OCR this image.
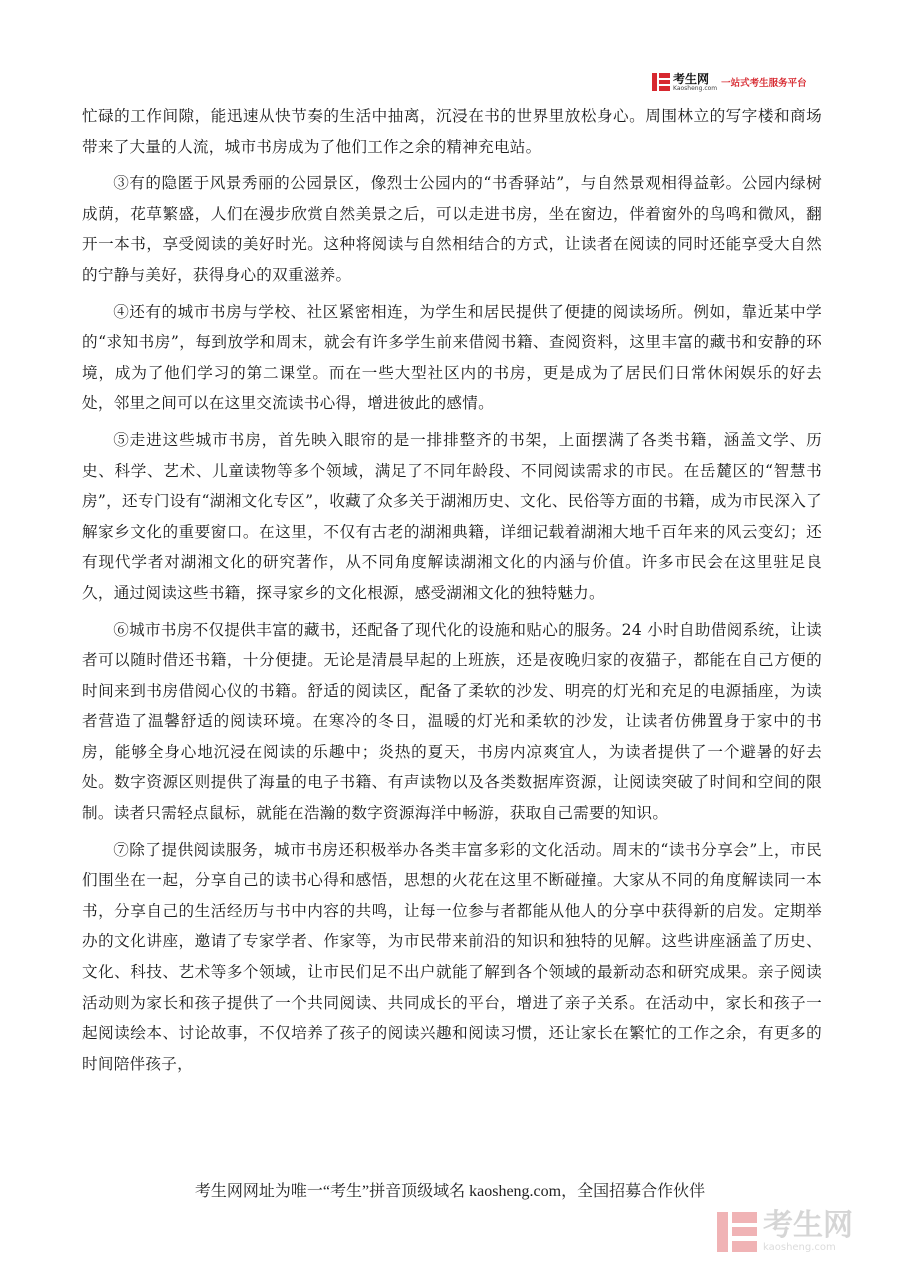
考生网
Kaosheng.com 一站式考生服务平台

忙碌的工作间隙，能迅速从快节奏的生活中抽离，沉浸在书的世界里放松身心。周围林立的写字楼和商场带来了大量的人流，城市书房成为了他们工作之余的精神充电站。

③有的隐匿于风景秀丽的公园景区，像烈士公园内的“书香驿站”，与自然景观相得益彰。公园内绿树成荫，花草繁盛，人们在漫步欣赏自然美景之后，可以走进书房，坐在窗边，伴着窗外的鸟鸣和微风，翻开一本书，享受阅读的美好时光。这种将阅读与自然相结合的方式，让读者在阅读的同时还能享受大自然的宁静与美好，获得身心的双重滋养。

④还有的城市书房与学校、社区紧密相连，为学生和居民提供了便捷的阅读场所。例如，靠近某中学的“求知书房”，每到放学和周末，就会有许多学生前来借阅书籍、查阅资料，这里丰富的藏书和安静的环境，成为了他们学习的第二课堂。而在一些大型社区内的书房，更是成为了居民们日常休闲娱乐的好去处，邻里之间可以在这里交流读书心得，增进彼此的感情。

⑤走进这些城市书房，首先映入眼帘的是一排排整齐的书架，上面摆满了各类书籍，涵盖文学、历史、科学、艺术、儿童读物等多个领域，满足了不同年龄段、不同阅读需求的市民。在岳麓区的“智慧书房”，还专门设有“湖湘文化专区”，收藏了众多关于湖湘历史、文化、民俗等方面的书籍，成为市民深入了解家乡文化的重要窗口。在这里，不仅有古老的湖湘典籍，详细记载着湖湘大地千百年来的风云变幻；还有现代学者对湖湘文化的研究著作，从不同角度解读湖湘文化的内涵与价值。许多市民会在这里驻足良久，通过阅读这些书籍，探寻家乡的文化根源，感受湖湘文化的独特魅力。

⑥城市书房不仅提供丰富的藏书，还配备了现代化的设施和贴心的服务。24 小时自助借阅系统，让读者可以随时借还书籍，十分便捷。无论是清晨早起的上班族，还是夜晚归家的夜猫子，都能在自己方便的时间来到书房借阅心仪的书籍。舒适的阅读区，配备了柔软的沙发、明亮的灯光和充足的电源插座，为读者营造了温馨舒适的阅读环境。在寒冷的冬日，温暖的灯光和柔软的沙发，让读者仿佛置身于家中的书房，能够全身心地沉浸在阅读的乐趣中；炎热的夏天，书房内凉爽宜人，为读者提供了一个避暑的好去处。数字资源区则提供了海量的电子书籍、有声读物以及各类数据库资源，让阅读突破了时间和空间的限制。读者只需轻点鼠标，就能在浩瀚的数字资源海洋中畅游，获取自己需要的知识。

⑦除了提供阅读服务，城市书房还积极举办各类丰富多彩的文化活动。周末的“读书分享会”上，市民们围坐在一起，分享自己的读书心得和感悟，思想的火花在这里不断碰撞。大家从不同的角度解读同一本书，分享自己的生活经历与书中内容的共鸣，让每一位参与者都能从他人的分享中获得新的启发。定期举办的文化讲座，邀请了专家学者、作家等，为市民带来前沿的知识和独特的见解。这些讲座涵盖了历史、文化、科技、艺术等多个领域，让市民们足不出户就能了解到各个领域的最新动态和研究成果。亲子阅读活动则为家长和孩子提供了一个共同阅读、共同成长的平台，增进了亲子关系。在活动中，家长和孩子一起阅读绘本、讨论故事，不仅培养了孩子的阅读兴趣和阅读习惯，还让家长在繁忙的工作之余，有更多的时间陪伴孩子，

考生网网址为唯一“考生”拼音顶级域名 kaosheng.com，全国招募合作伙伴
考生网
kaosheng.com
